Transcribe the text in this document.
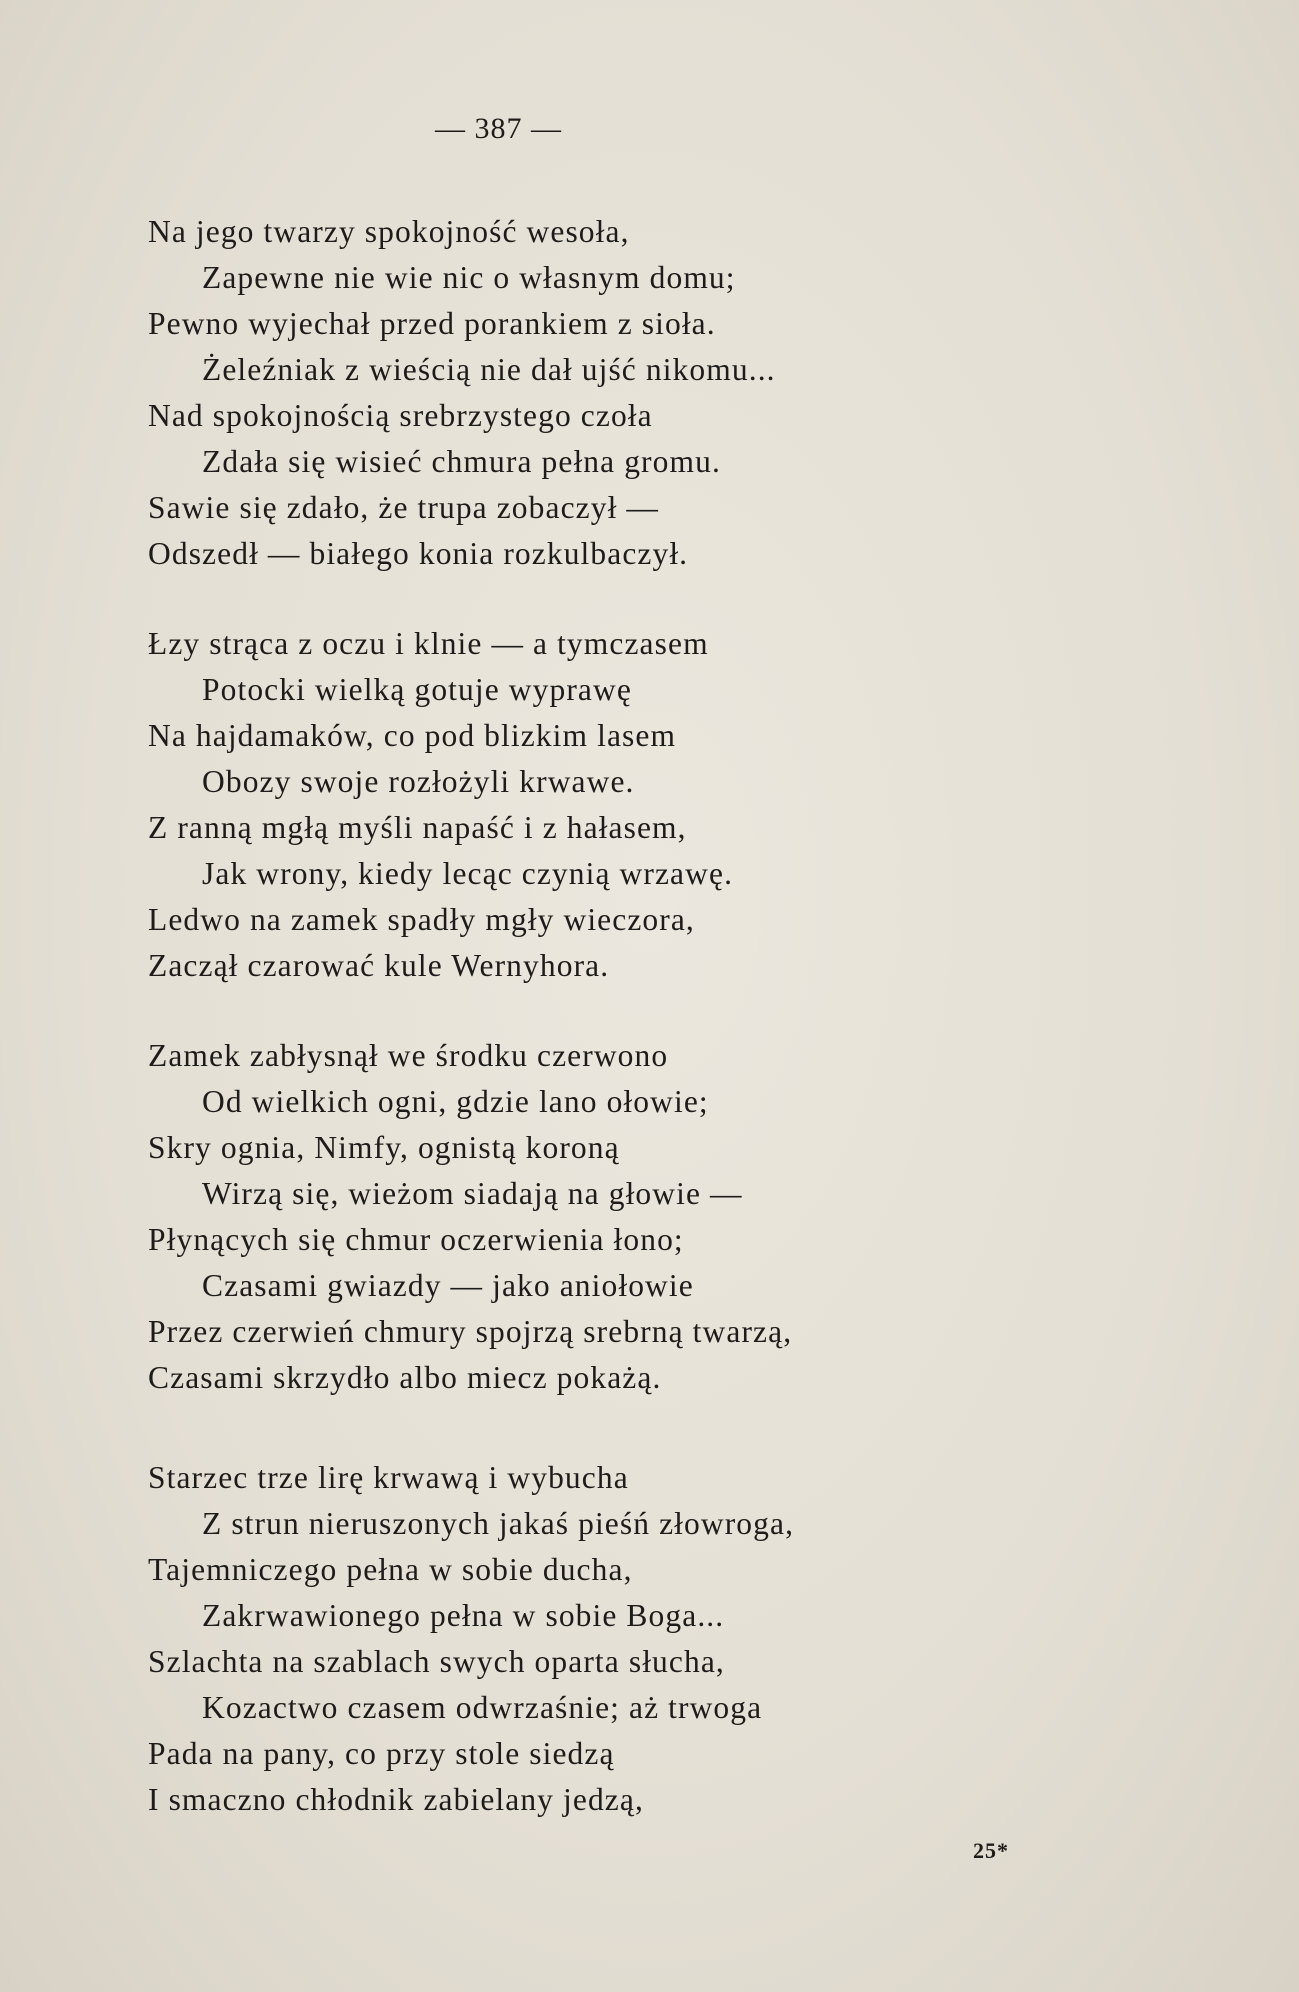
— 387 —
Na jego twarzy spokojność wesoła,
Zapewne nie wie nic o własnym domu;
Pewno wyjechał przed porankiem z sioła.
Żeleźniak z wieścią nie dał ujść nikomu...
Nad spokojnością srebrzystego czoła
Zdała się wisieć chmura pełna gromu.
Sawie się zdało, że trupa zobaczył —
Odszedł — białego konia rozkulbaczył.
Łzy strąca z oczu i klnie — a tymczasem
Potocki wielką gotuje wyprawę
Na hajdamaków, co pod blizkim lasem
Obozy swoje rozłożyli krwawe.
Z ranną mgłą myśli napaść i z hałasem,
Jak wrony, kiedy lecąc czynią wrzawę.
Ledwo na zamek spadły mgły wieczora,
Zaczął czarować kule Wernyhora.
Zamek zabłysnął we środku czerwono
Od wielkich ogni, gdzie lano ołowie;
Skry ognia, Nimfy, ognistą koroną
Wirzą się, wieżom siadają na głowie —
Płynących się chmur oczerwienia łono;
Czasami gwiazdy — jako aniołowie
Przez czerwień chmury spojrzą srebrną twarzą,
Czasami skrzydło albo miecz pokażą.
Starzec trze lirę krwawą i wybucha
Z strun nieruszonych jakaś pieśń złowroga,
Tajemniczego pełna w sobie ducha,
Zakrwawionego pełna w sobie Boga...
Szlachta na szablach swych oparta słucha,
Kozactwo czasem odwrzaśnie; aż trwoga
Pada na pany, co przy stole siedzą
I smaczno chłodnik zabielany jedzą,
25*
